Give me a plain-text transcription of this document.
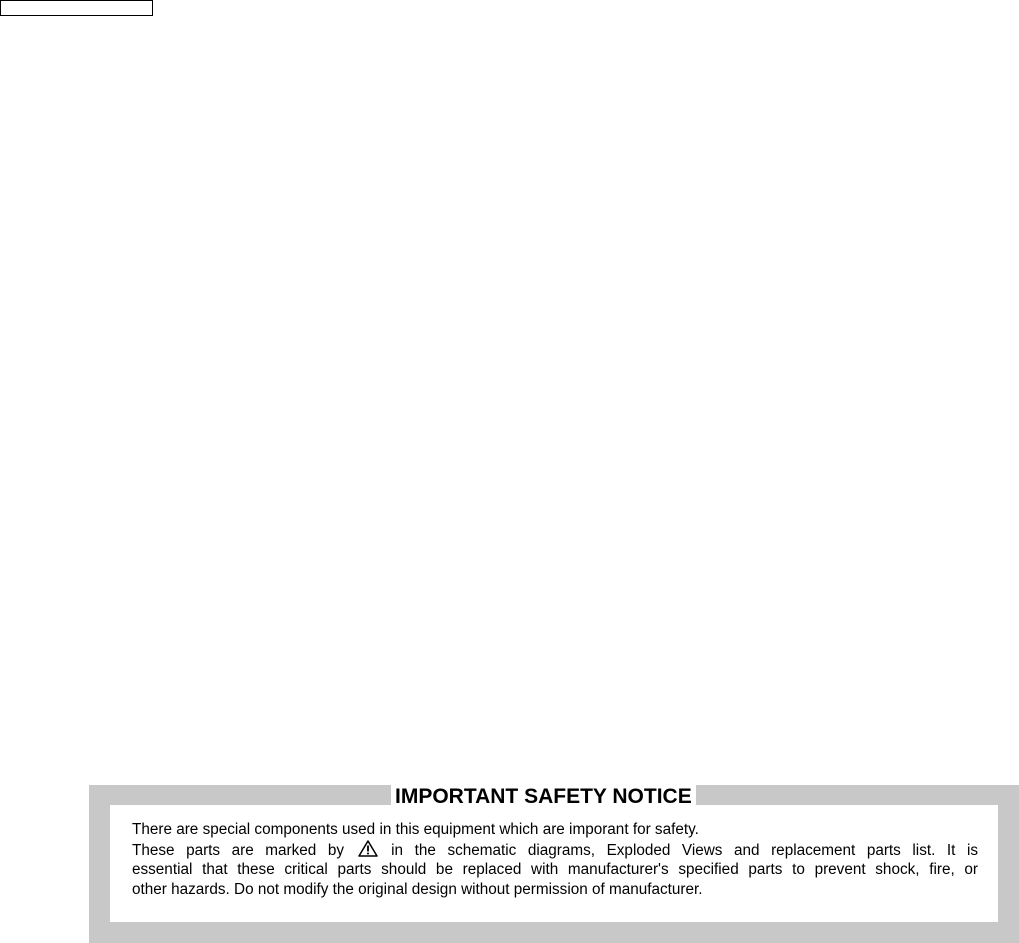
IMPORTANT SAFETY NOTICE
There are special components used in this equipment which are imporant for safety.
These parts are marked by	in the schematic diagrams, Exploded Views and replacement parts list. It is
essential that these critical parts should be replaced with manufacturer's specified parts to prevent shock, fire, or
other hazards. Do not modify the original design without permission of manufacturer.
